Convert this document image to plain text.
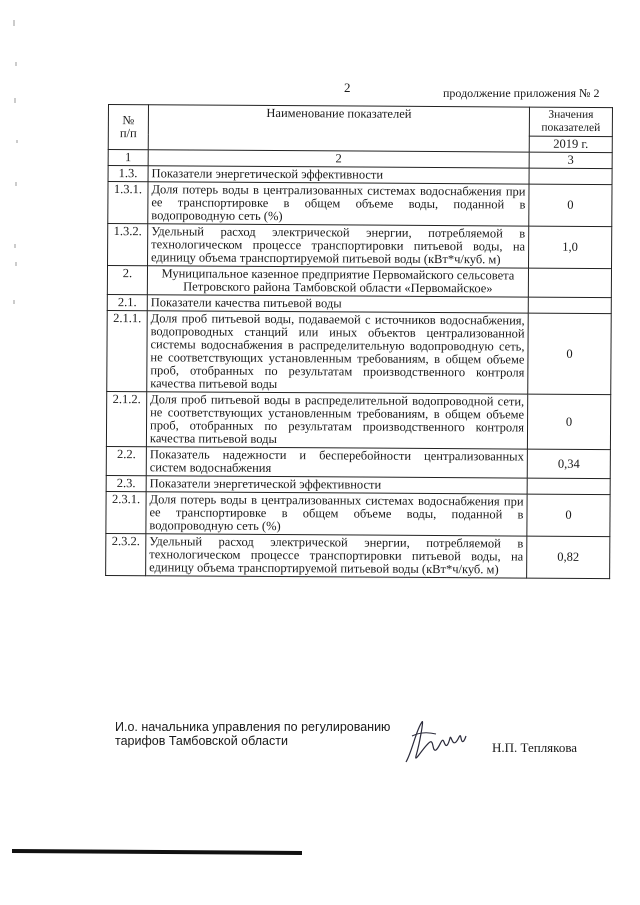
2	продолжение приложения № 2
№
п/п	Наименование показателей	Значения
показателей
		2019 г.
1	2	3
1.3.	Показатели энергетической эффективности	
1.3.1.	Доля потерь воды в централизованных системах водоснабжения при ее транспортировке в общем объеме воды, поданной в водопроводную сеть (%)	0
1.3.2.	Удельный расход электрической энергии, потребляемой в технологическом процессе транспортировки питьевой воды, на единицу объема транспортируемой питьевой воды (кВт*ч/куб. м)	1,0
2.	Муниципальное казенное предприятие Первомайского сельсовета Петровского района Тамбовской области «Первомайское»	
2.1.	Показатели качества питьевой воды	
2.1.1.	Доля проб питьевой воды, подаваемой с источников водоснабжения, водопроводных станций или иных объектов централизованной системы водоснабжения в распределительную водопроводную сеть, не соответствующих установленным требованиям, в общем объеме проб, отобранных по результатам производственного контроля качества питьевой воды	0
2.1.2.	Доля проб питьевой воды в распределительной водопроводной сети, не соответствующих установленным требованиям, в общем объеме проб, отобранных по результатам производственного контроля качества питьевой воды	0
2.2.	Показатель надежности и бесперебойности централизованных систем водоснабжения	0,34
2.3.	Показатели энергетической эффективности	
2.3.1.	Доля потерь воды в централизованных системах водоснабжения при ее транспортировке в общем объеме воды, поданной в водопроводную сеть (%)	0
2.3.2.	Удельный расход электрической энергии, потребляемой в технологическом процессе транспортировки питьевой воды, на единицу объема транспортируемой питьевой воды (кВт*ч/куб. м)	0,82
И.о. начальника управления по регулированию
тарифов Тамбовской области	Н.П. Теплякова
